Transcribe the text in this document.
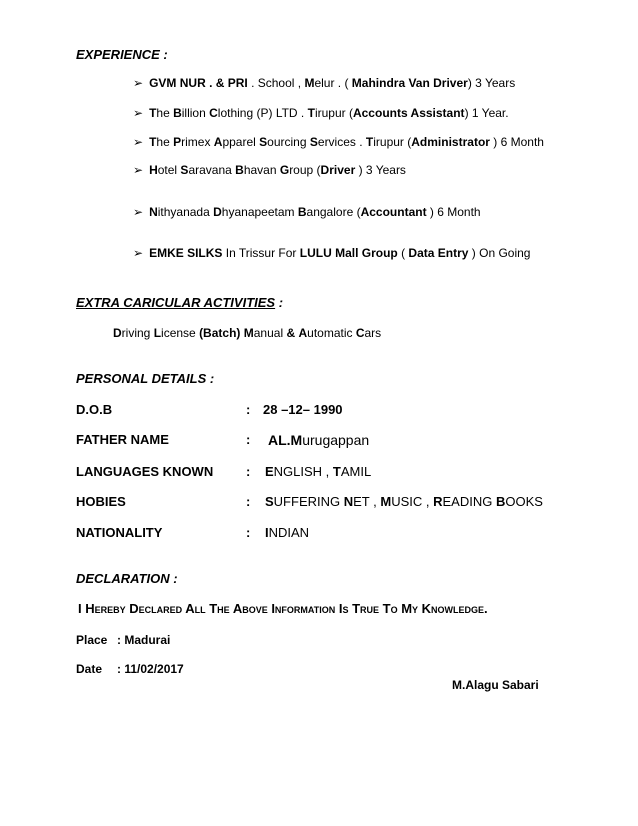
EXPERIENCE :
➢ GVM NUR . & PRI . School , Melur . ( Mahindra Van Driver) 3 Years
➢ The Billion Clothing (P) LTD . Tirupur (Accounts Assistant) 1 Year.
➢ The Primex Apparel Sourcing Services . Tirupur (Administrator ) 6 Month
➢ Hotel Saravana Bhavan Group (Driver ) 3 Years
➢ Nithyanada Dhyanapeetam Bangalore (Accountant ) 6 Month
➢ EMKE SILKS In Trissur For LULU Mall Group ( Data Entry ) On Going
EXTRA CARICULAR ACTIVITIES :
Driving License (Batch) Manual & Automatic Cars
PERSONAL DETAILS :
D.O.B	: 28 –12– 1990
FATHER NAME	: AL.Murugappan
LANGUAGES KNOWN	: ENGLISH , TAMIL
HOBIES	: SUFFERING NET , MUSIC , READING BOOKS
NATIONALITY	: INDIAN
DECLARATION :
I Hereby Declared All The Above Information Is True To My Knowledge.
Place : Madurai
Date : 11/02/2017
M.Alagu Sabari
